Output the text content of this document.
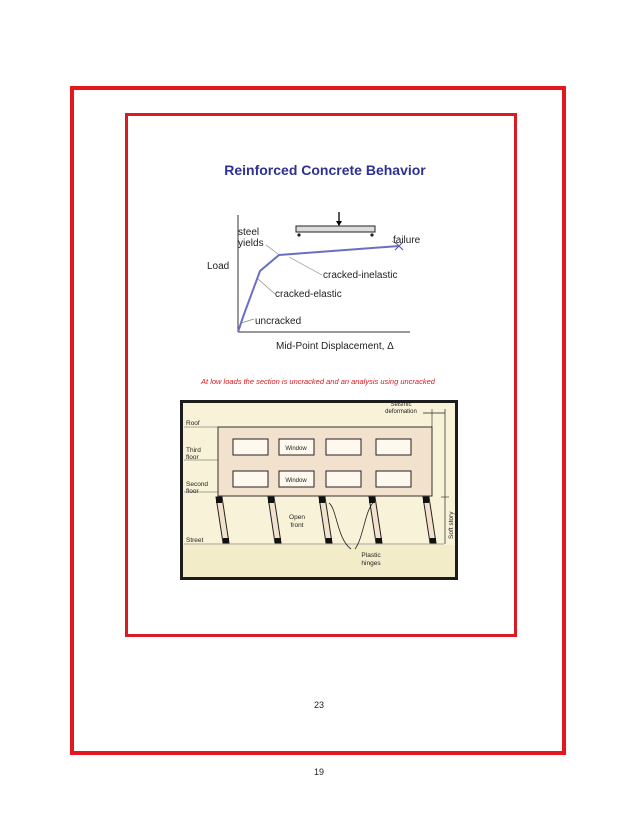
Reinforced Concrete Behavior
steel yields	failure
cracked-inelastic
cracked-elastic
uncracked
Load
Mid-Point Displacement, Δ
At low loads the section is uncracked and an analysis using uncracked
Window
Window
Roof
Third floor
Second floor
Street
Seismic deformation
Open front
Plastic hinges
Soft story
23
19
